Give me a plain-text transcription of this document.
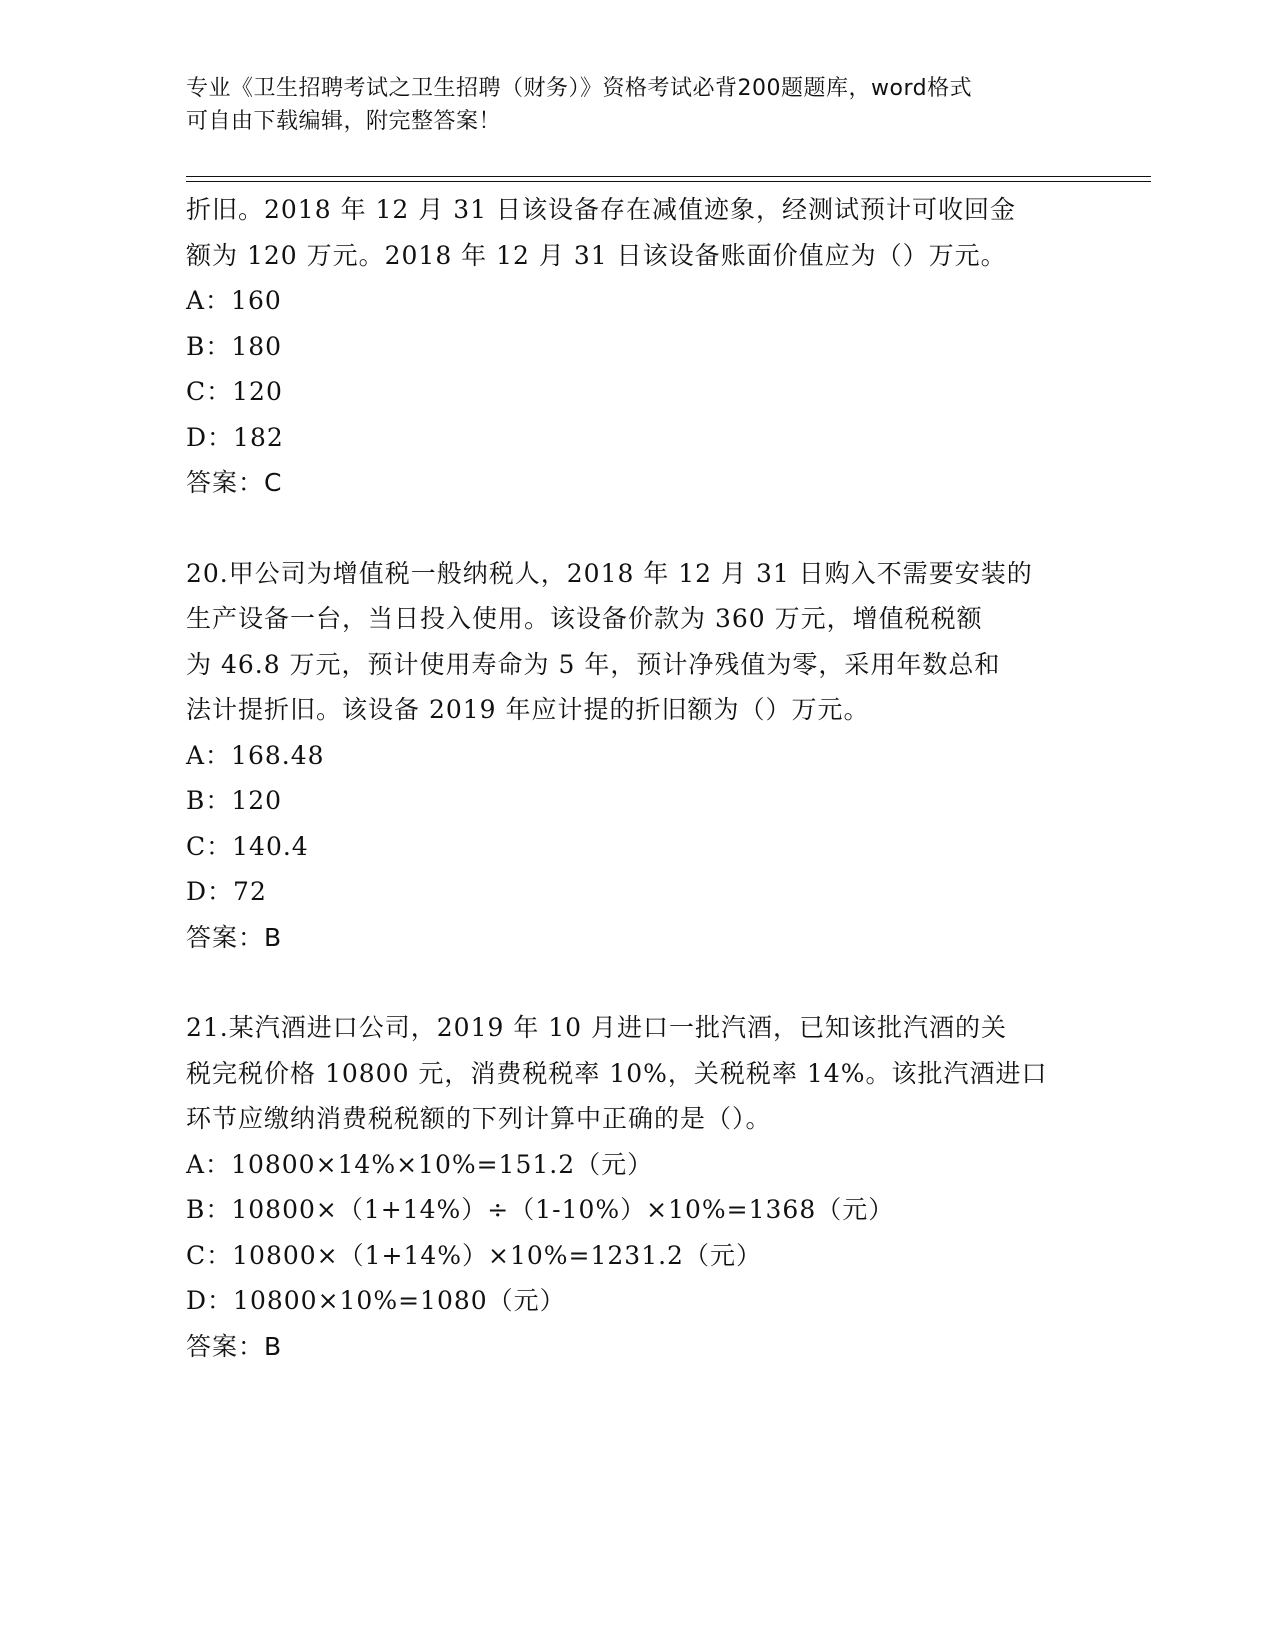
专业《卫生招聘考试之卫生招聘（财务）》资格考试必背200题题库，word格式
可自由下载编辑，附完整答案！

折旧。2018 年 12 月 31 日该设备存在减值迹象，经测试预计可收回金

额为 120 万元。2018 年 12 月 31 日该设备账面价值应为（）万元。

A：160

B：180

C：120

D：182

答案：C

20.甲公司为增值税一般纳税人，2018 年 12 月 31 日购入不需要安装的

生产设备一台，当日投入使用。该设备价款为 360 万元，增值税税额

为 46.8 万元，预计使用寿命为 5 年，预计净残值为零，采用年数总和

法计提折旧。该设备 2019 年应计提的折旧额为（）万元。

A：168.48

B：120

C：140.4

D：72

答案：B

21.某汽酒进口公司，2019 年 10 月进口一批汽酒，已知该批汽酒的关

税完税价格 10800 元，消费税税率 10%，关税税率 14%。该批汽酒进口

环节应缴纳消费税税额的下列计算中正确的是（）。

A：10800×14%×10%=151.2（元）

B：10800×（1+14%）÷（1-10%）×10%=1368（元）

C：10800×（1+14%）×10%=1231.2（元）

D：10800×10%=1080（元）

答案：B
